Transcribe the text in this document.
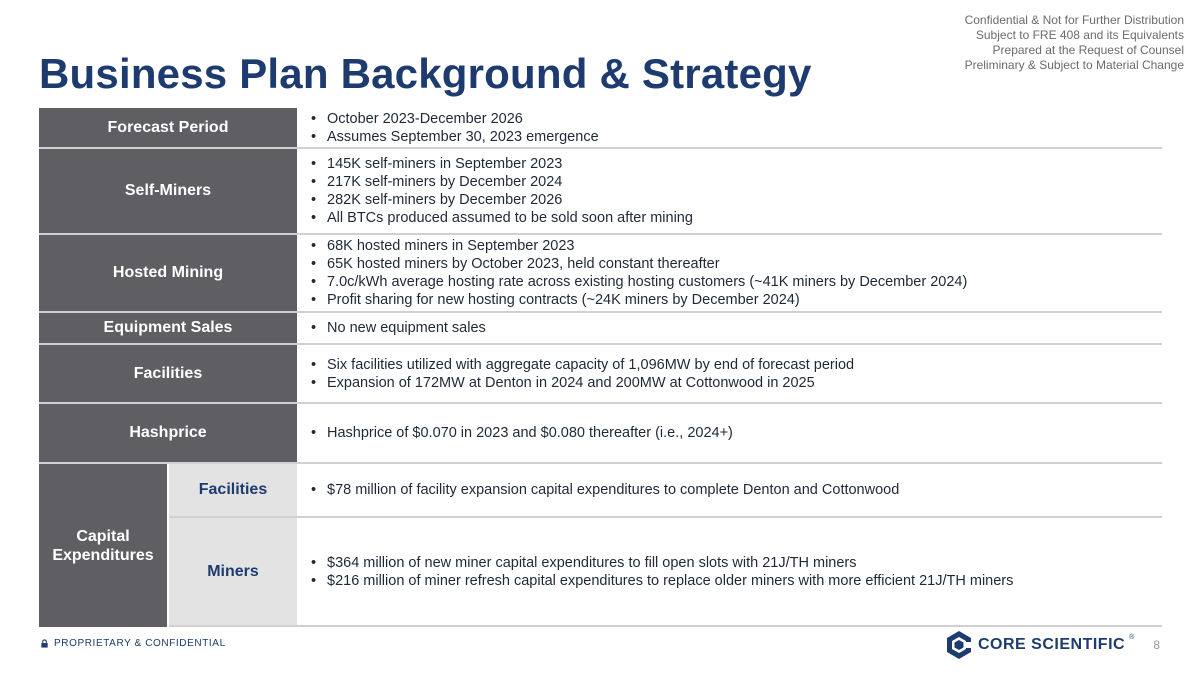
Confidential & Not for Further Distribution
Subject to FRE 408 and its Equivalents
Prepared at the Request of Counsel
Preliminary & Subject to Material Change
Business Plan Background & Strategy
Forecast Period	• October 2023-December 2026
• Assumes September 30, 2023 emergence
Self-Miners
• 145K self-miners in September 2023
• 217K self-miners by December 2024
• 282K self-miners by December 2026
• All BTCs produced assumed to be sold soon after mining
Hosted Mining
• 68K hosted miners in September 2023
• 65K hosted miners by October 2023, held constant thereafter
• 7.0c/kWh average hosting rate across existing hosting customers (~41K miners by December 2024)
• Profit sharing for new hosting contracts (~24K miners by December 2024)
Equipment Sales	• No new equipment sales
Facilities	• Six facilities utilized with aggregate capacity of 1,096MW by end of forecast period
• Expansion of 172MW at Denton in 2024 and 200MW at Cottonwood in 2025
Hashprice	• Hashprice of $0.070 in 2023 and $0.080 thereafter (i.e., 2024+)
Capital Expenditures
Facilities	• $78 million of facility expansion capital expenditures to complete Denton and Cottonwood
Miners	• $364 million of new miner capital expenditures to fill open slots with 21J/TH miners
• $216 million of miner refresh capital expenditures to replace older miners with more efficient 21J/TH miners
PROPRIETARY & CONFIDENTIAL	CORE SCIENTIFIC ®
8
